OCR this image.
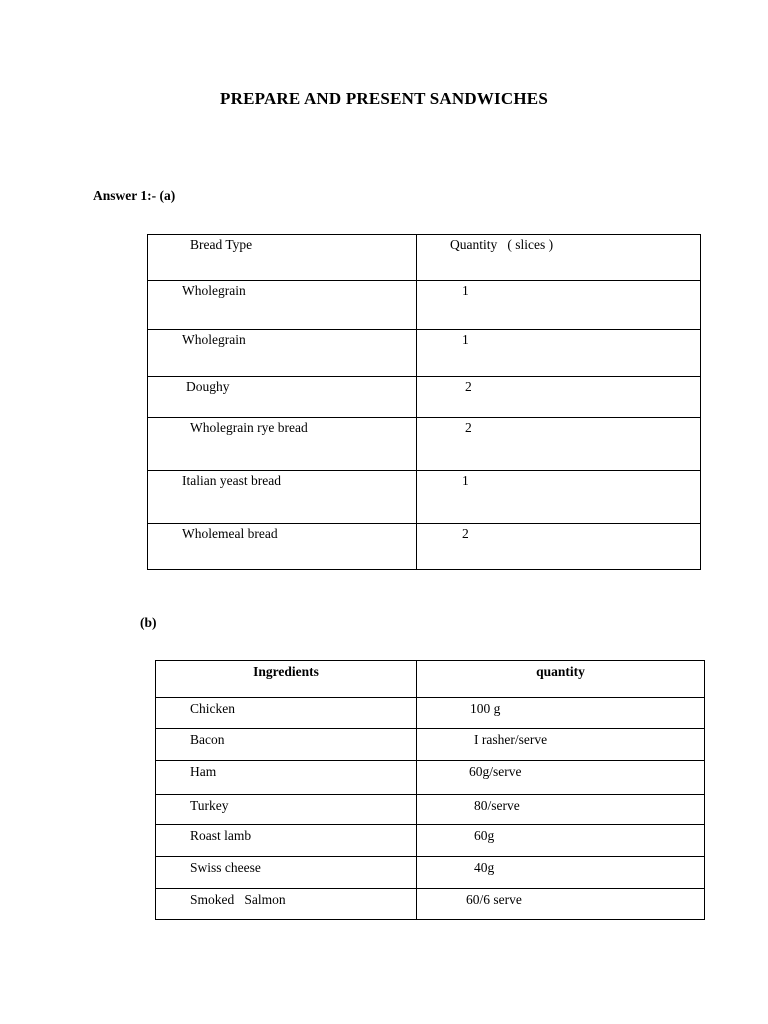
PREPARE AND PRESENT SANDWICHES
Answer 1:- (a)
Bread Type	Quantity   ( slices )

Wholegrain	1

Wholegrain	1

Doughy	2

Wholegrain rye bread	2

Italian yeast bread	1

Wholemeal bread	2
(b)
Ingredients	quantity

Chicken	100 g

Bacon	I rasher/serve

Ham	60g/serve

Turkey	80/serve

Roast lamb	60g

Swiss cheese	40g

Smoked   Salmon	60/6 serve
